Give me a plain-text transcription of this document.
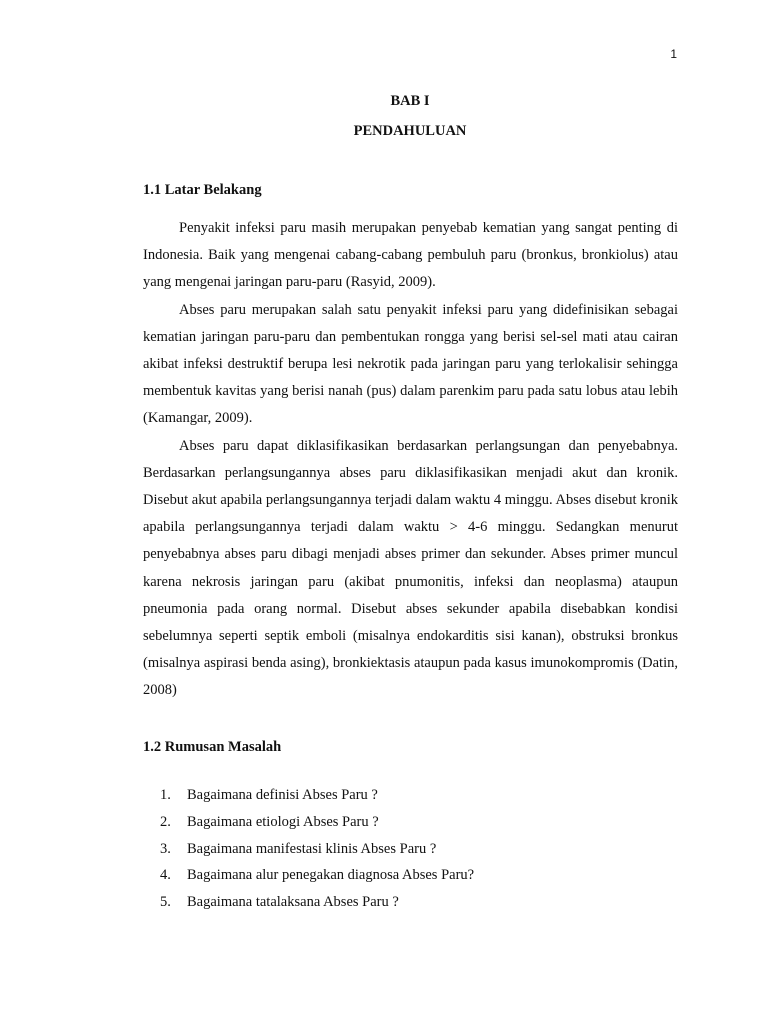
1
BAB I
PENDAHULUAN
1.1 Latar Belakang

Penyakit infeksi paru masih merupakan penyebab kematian yang sangat penting di Indonesia. Baik yang mengenai cabang-cabang pembuluh paru (bronkus, bronkiolus) atau yang mengenai jaringan paru-paru (Rasyid, 2009).

Abses paru merupakan salah satu penyakit infeksi paru yang didefinisikan sebagai kematian jaringan paru-paru dan pembentukan rongga yang berisi sel-sel mati atau cairan akibat infeksi destruktif berupa lesi nekrotik pada jaringan paru yang terlokalisir sehingga membentuk kavitas yang berisi nanah (pus) dalam parenkim paru pada satu lobus atau lebih (Kamangar, 2009).

Abses paru dapat diklasifikasikan berdasarkan perlangsungan dan penyebabnya. Berdasarkan perlangsungannya abses paru diklasifikasikan menjadi akut dan kronik. Disebut akut apabila perlangsungannya terjadi dalam waktu 4 minggu. Abses disebut kronik apabila perlangsungannya terjadi dalam waktu > 4-6 minggu. Sedangkan menurut penyebabnya abses paru dibagi menjadi abses primer dan sekunder. Abses primer muncul karena nekrosis jaringan paru (akibat pnumonitis, infeksi dan neoplasma) ataupun pneumonia pada orang normal. Disebut abses sekunder apabila disebabkan kondisi sebelumnya seperti septik emboli (misalnya endokarditis sisi kanan), obstruksi bronkus (misalnya aspirasi benda asing), bronkiektasis ataupun pada kasus imunokompromis (Datin, 2008)

1.2 Rumusan Masalah
1. Bagaimana definisi Abses Paru ?
2. Bagaimana etiologi Abses Paru ?
3. Bagaimana manifestasi klinis Abses Paru ?
4. Bagaimana alur penegakan diagnosa Abses Paru?
5. Bagaimana tatalaksana Abses Paru ?
